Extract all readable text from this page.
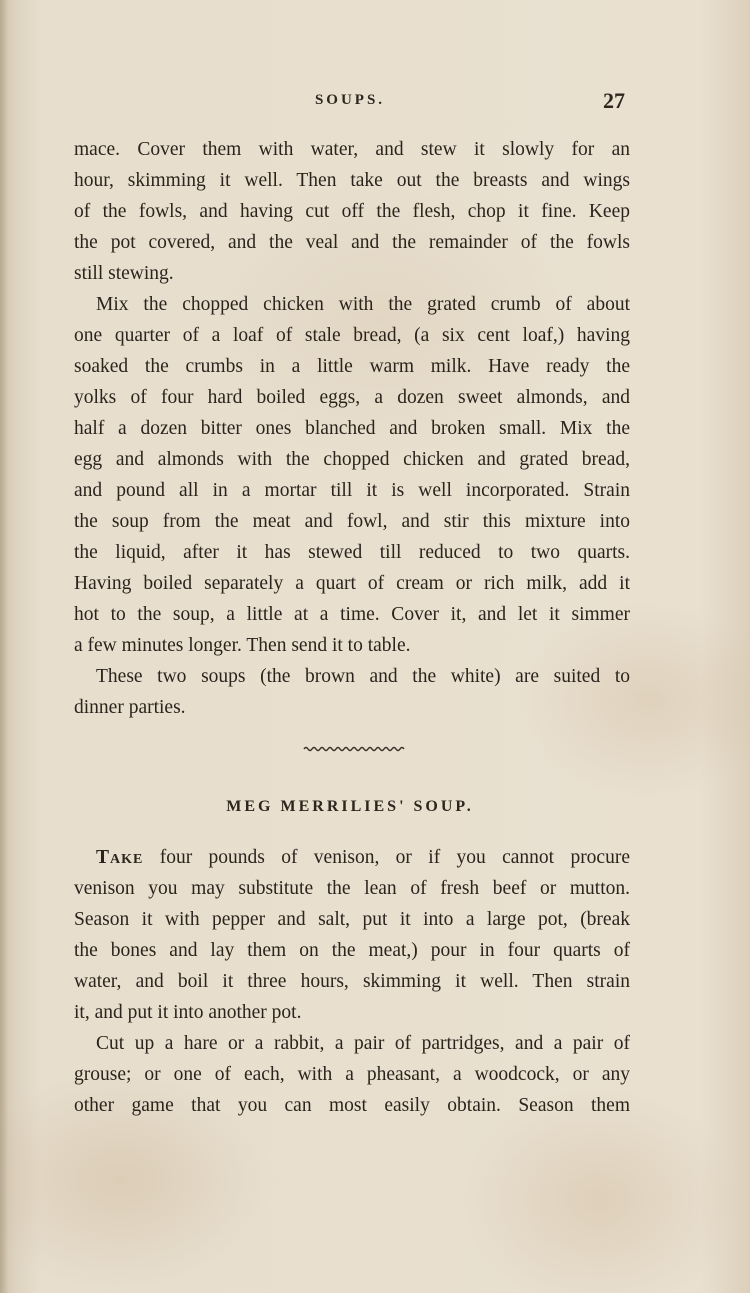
SOUPS.	27
mace. Cover them with water, and stew it slowly for an
hour, skimming it well. Then take out the breasts and wings
of the fowls, and having cut off the flesh, chop it fine. Keep
the pot covered, and the veal and the remainder of the fowls
still stewing.
Mix the chopped chicken with the grated crumb of about
one quarter of a loaf of stale bread, (a six cent loaf,) having
soaked the crumbs in a little warm milk. Have ready the
yolks of four hard boiled eggs, a dozen sweet almonds, and
half a dozen bitter ones blanched and broken small. Mix the
egg and almonds with the chopped chicken and grated bread,
and pound all in a mortar till it is well incorporated. Strain
the soup from the meat and fowl, and stir this mixture into
the liquid, after it has stewed till reduced to two quarts.
Having boiled separately a quart of cream or rich milk, add it
hot to the soup, a little at a time. Cover it, and let it simmer
a few minutes longer. Then send it to table.
These two soups (the brown and the white) are suited to
dinner parties.
MEG MERRILIES' SOUP.
Take four pounds of venison, or if you cannot procure
venison you may substitute the lean of fresh beef or mutton.
Season it with pepper and salt, put it into a large pot, (break
the bones and lay them on the meat,) pour in four quarts of
water, and boil it three hours, skimming it well. Then strain
it, and put it into another pot.
Cut up a hare or a rabbit, a pair of partridges, and a pair of
grouse; or one of each, with a pheasant, a woodcock, or any
other game that you can most easily obtain. Season them
